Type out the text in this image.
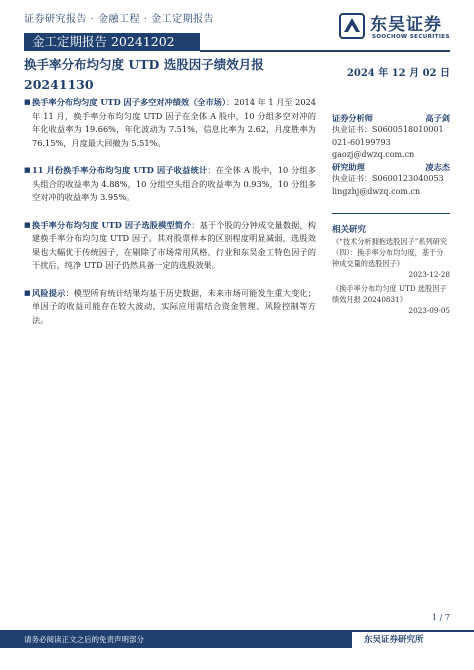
证券研究报告 · 金融工程 · 金工定期报告	东吴证券
SOOCHOW SECURITIES
金工定期报告 20241202
换手率分布均匀度 UTD 选股因子绩效月报 20241130
2024 年 12 月 02 日
■ 换手率分布均匀度 UTD 因子多空对冲绩效（全市场）：2014 年 1 月至 2024 年 11 月，换手率分布均匀度 UTD 因子在全体 A 股中，10 分组多空对冲的年化收益率为 19.66%，年化波动为 7.51%，信息比率为 2.62，月度胜率为 76.15%，月度最大回撤为 5.51%。
■ 11 月份换手率分布均匀度 UTD 因子收益统计：在全体 A 股中，10 分组多头组合的收益率为 4.88%，10 分组空头组合的收益率为 0.93%，10 分组多空对冲的收益率为 3.95%。
■ 换手率分布均匀度 UTD 因子选股模型简介：基于个股的分钟成交量数据，构建换手率分布均匀度 UTD 因子。其对股票样本的区别程度明显减弱，选股效果也大幅优于传统因子，在剔除了市场常用风格、行业和东吴金工特色因子的干扰后，纯净 UTD 因子仍然具备一定的选股效果。
■ 风险提示：模型所有统计结果均基于历史数据，未来市场可能发生重大变化；单因子的收益可能存在较大波动，实际应用需结合资金管理、风险控制等方法。
证券分析师	高子剑
执业证书：S0600518010001
021-60199793
gaozj@dwzq.com.cn
研究助理	凌志杰
执业证书：S0600123040053
lingzhj@dwzq.com.cn
相关研究
《“技术分析拥抱选股因子”系列研究（四）：换手率分布均匀度，基于分钟成交量的选股因子》
2023-12-28
《换手率分布均匀度 UTD 选股因子绩效月报 20240831》
2023-09-05
1 / 7
请务必阅读正文之后的免责声明部分	东吴证券研究所
